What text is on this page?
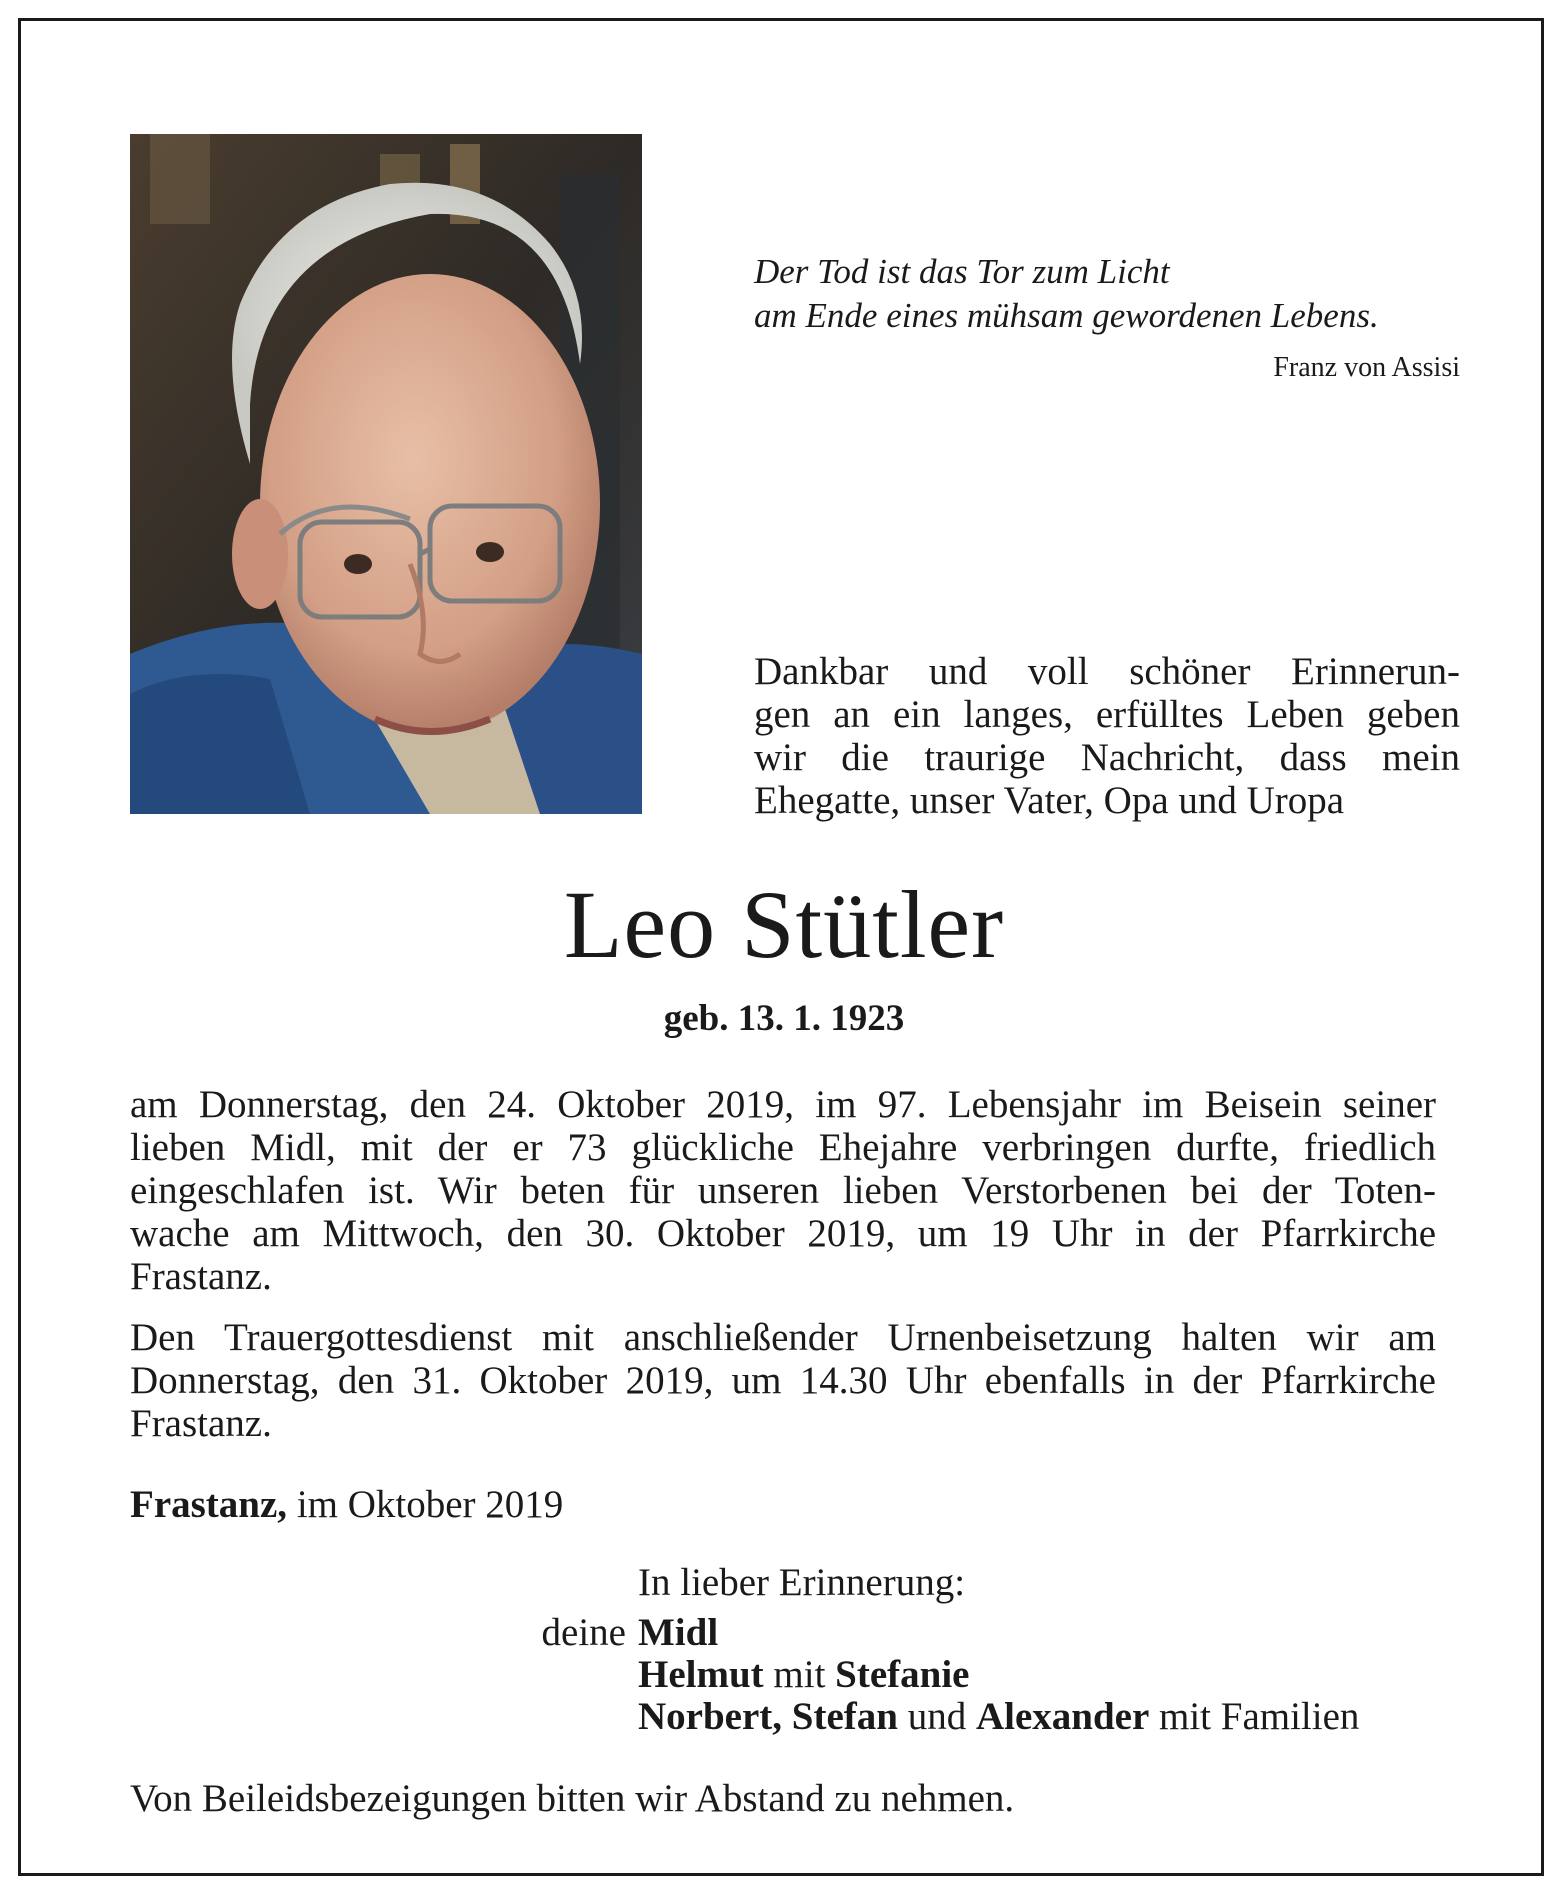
Der Tod ist das Tor zum Licht
am Ende eines mühsam gewordenen Lebens.
Franz von Assisi
Dankbar und voll schöner Erinnerun-
gen an ein langes, erfülltes Leben geben
wir die traurige Nachricht, dass mein
Ehegatte, unser Vater, Opa und Uropa
Leo Stütler
geb. 13. 1. 1923
am Donnerstag, den 24. Oktober 2019, im 97. Lebensjahr im Beisein seiner
lieben Midl, mit der er 73 glückliche Ehejahre verbringen durfte, friedlich
eingeschlafen ist. Wir beten für unseren lieben Verstorbenen bei der Toten-
wache am Mittwoch, den 30. Oktober 2019, um 19 Uhr in der Pfarrkirche
Frastanz.
Den Trauergottesdienst mit anschließender Urnenbeisetzung halten wir am
Donnerstag, den 31. Oktober 2019, um 14.30 Uhr ebenfalls in der Pfarrkirche
Frastanz.
Frastanz, im Oktober 2019
In lieber Erinnerung:
deine Midl
Helmut mit Stefanie
Norbert, Stefan und Alexander mit Familien
Von Beileidsbezeigungen bitten wir Abstand zu nehmen.
